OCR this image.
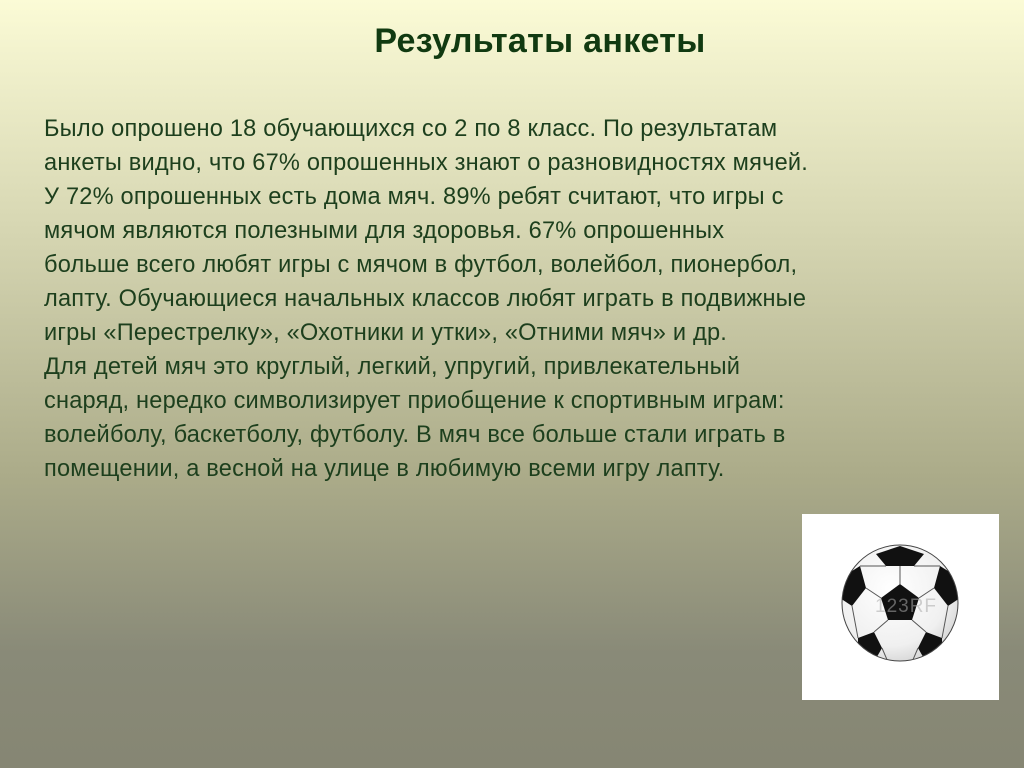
Результаты анкеты
Было опрошено 18 обучающихся со 2 по 8 класс. По результатам
анкеты видно, что 67% опрошенных знают о разновидностях мячей.
У 72% опрошенных есть дома мяч. 89% ребят считают, что игры с
мячом являются полезными для здоровья. 67% опрошенных
больше всего любят игры с мячом в футбол, волейбол, пионербол,
лапту. Обучающиеся начальных классов любят играть в подвижные
игры «Перестрелку», «Охотники и утки», «Отними мяч» и др.
Для детей мяч это круглый, легкий, упругий, привлекательный
снаряд, нередко символизирует приобщение к спортивным играм:
волейболу, баскетболу, футболу. В мяч все больше стали играть в
помещении, а весной на улице в любимую всеми игру лапту.
123RF
